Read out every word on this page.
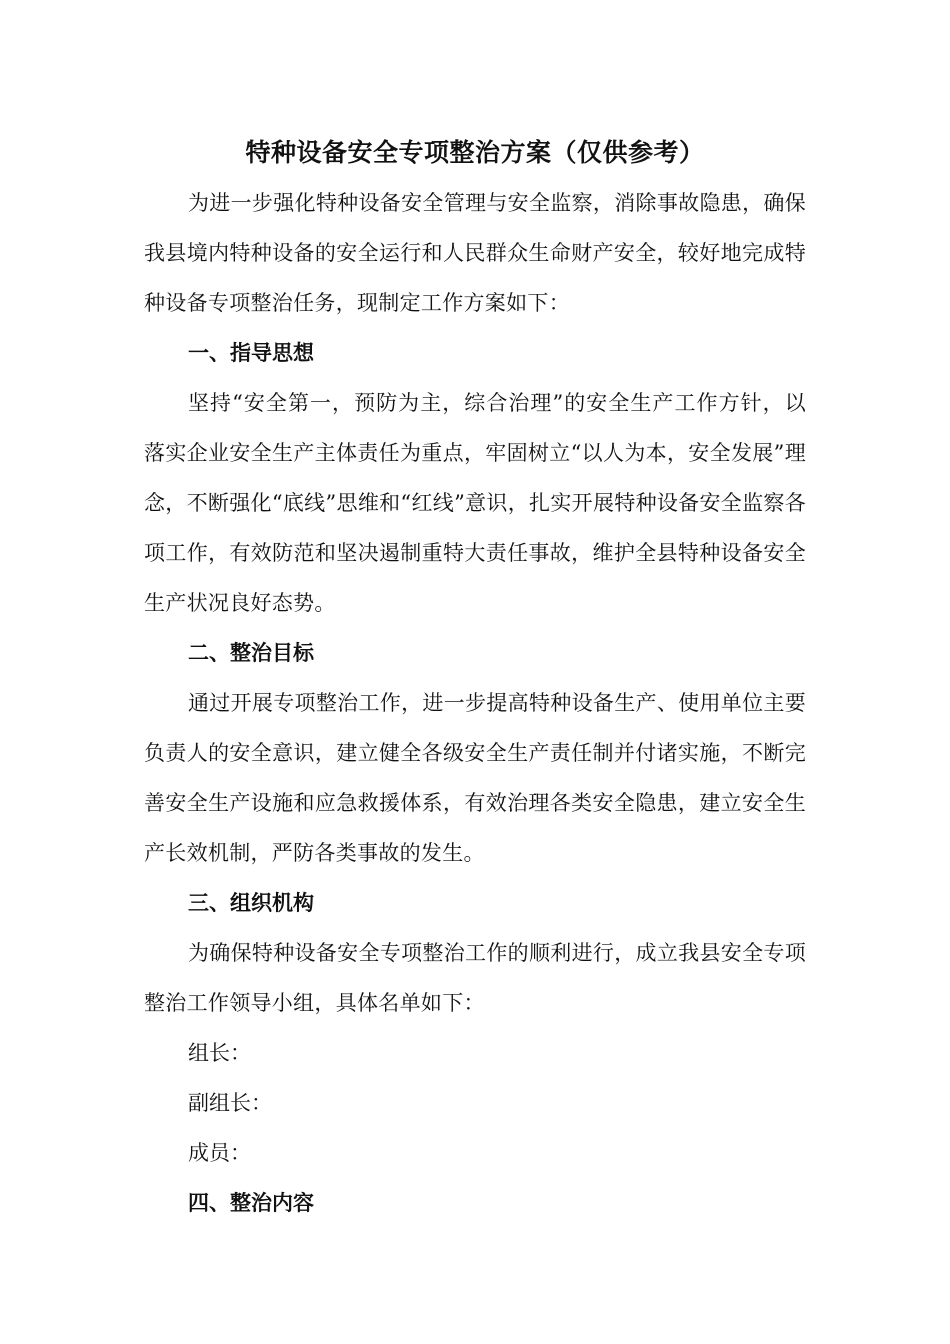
特种设备安全专项整治方案（仅供参考）

为进一步强化特种设备安全管理与安全监察，消除事故隐患，确保我县境内特种设备的安全运行和人民群众生命财产安全，较好地完成特种设备专项整治任务，现制定工作方案如下：

一、指导思想

坚持“安全第一，预防为主，综合治理”的安全生产工作方针，以落实企业安全生产主体责任为重点，牢固树立“以人为本，安全发展”理念，不断强化“底线”思维和“红线”意识，扎实开展特种设备安全监察各项工作，有效防范和坚决遏制重特大责任事故，维护全县特种设备安全生产状况良好态势。

二、整治目标

通过开展专项整治工作，进一步提高特种设备生产、使用单位主要负责人的安全意识，建立健全各级安全生产责任制并付诸实施，不断完善安全生产设施和应急救援体系，有效治理各类安全隐患，建立安全生产长效机制，严防各类事故的发生。

三、组织机构

为确保特种设备安全专项整治工作的顺利进行，成立我县安全专项整治工作领导小组，具体名单如下：

组长：

副组长：

成员：

四、整治内容
